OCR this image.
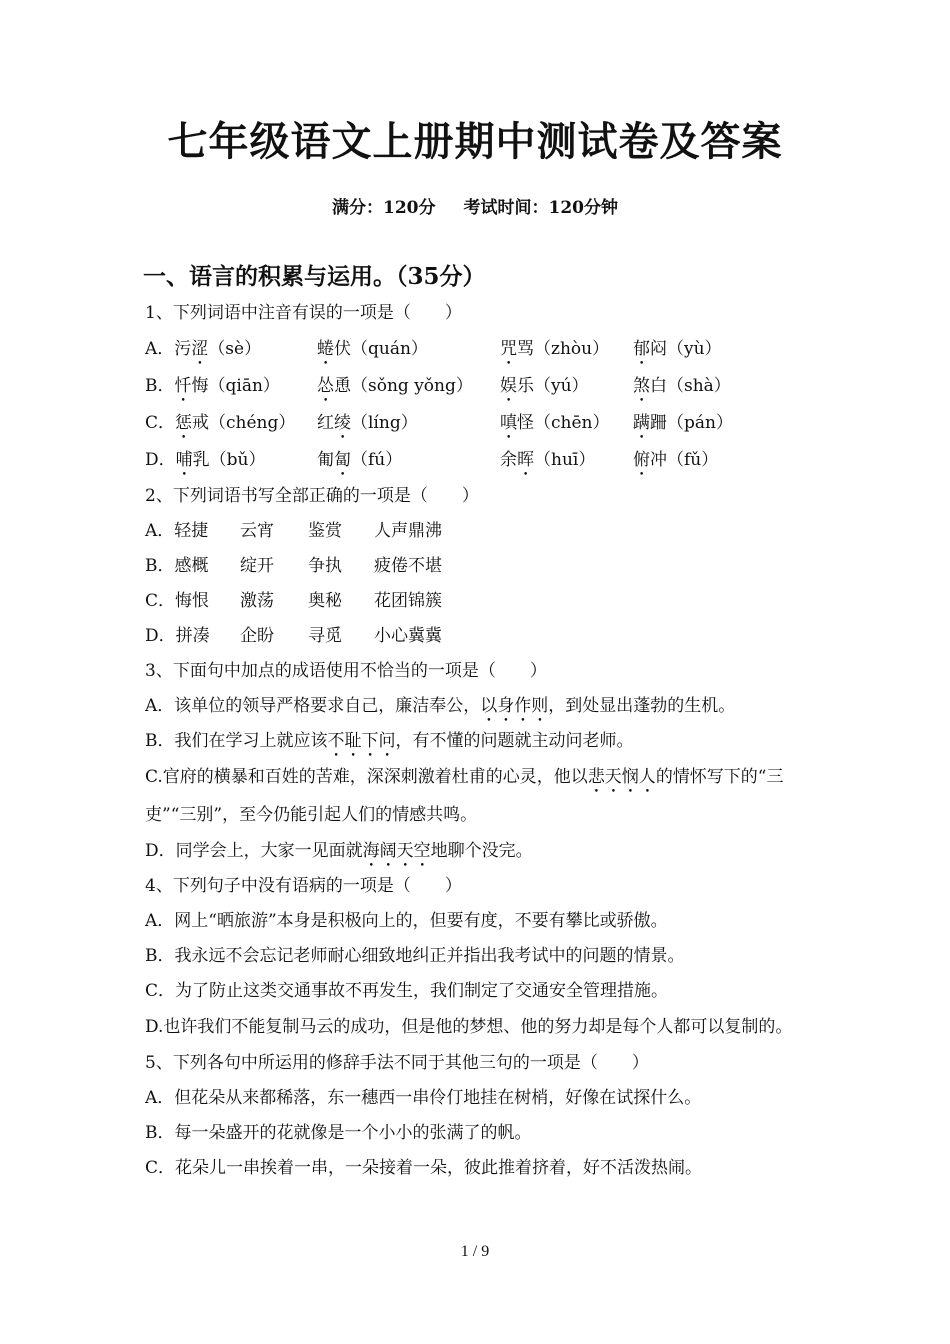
七年级语文上册期中测试卷及答案
满分：120分 考试时间：120分钟
一、语言的积累与运用。（35分）
1、下列词语中注音有误的一项是（　　）
A．污涩（sè）	蜷伏（quán）	咒骂（zhòu）	郁闷（yù）
B．忏悔（qiān）	怂恿（sǒng yǒng）	娱乐（yú）	煞白（shà）
C．惩戒（chéng）	红绫（líng）	嗔怪（chēn）	蹒跚（pán）
D．哺乳（bǔ）	匍匐（fú）	余晖（huī）	俯冲（fǔ）
2、下列词语书写全部正确的一项是（　　）
A．轻捷	云宵	鉴赏	人声鼎沸
B．感概	绽开	争执	疲倦不堪
C．悔恨	激荡	奥秘	花团锦簇
D．拼凑	企盼	寻觅	小心冀冀
3、下面句中加点的成语使用不恰当的一项是（　　）
A．该单位的领导严格要求自己，廉洁奉公，以身作则，到处显出蓬勃的生机。
B．我们在学习上就应该不耻下问，有不懂的问题就主动问老师。
C.官府的横暴和百姓的苦难，深深刺激着杜甫的心灵，他以悲天悯人的情怀写下的“三吏”“三别”，至今仍能引起人们的情感共鸣。
D．同学会上，大家一见面就海阔天空地聊个没完。
4、下列句子中没有语病的一项是（　　）
A．网上“晒旅游”本身是积极向上的，但要有度，不要有攀比或骄傲。
B．我永远不会忘记老师耐心细致地纠正并指出我考试中的问题的情景。
C．为了防止这类交通事故不再发生，我们制定了交通安全管理措施。
D.也许我们不能复制马云的成功，但是他的梦想、他的努力却是每个人都可以复制的。
5、下列各句中所运用的修辞手法不同于其他三句的一项是（　　）
A．但花朵从来都稀落，东一穗西一串伶仃地挂在树梢，好像在试探什么。
B．每一朵盛开的花就像是一个小小的张满了的帆。
C．花朵儿一串挨着一串，一朵接着一朵，彼此推着挤着，好不活泼热闹。
1 / 9
